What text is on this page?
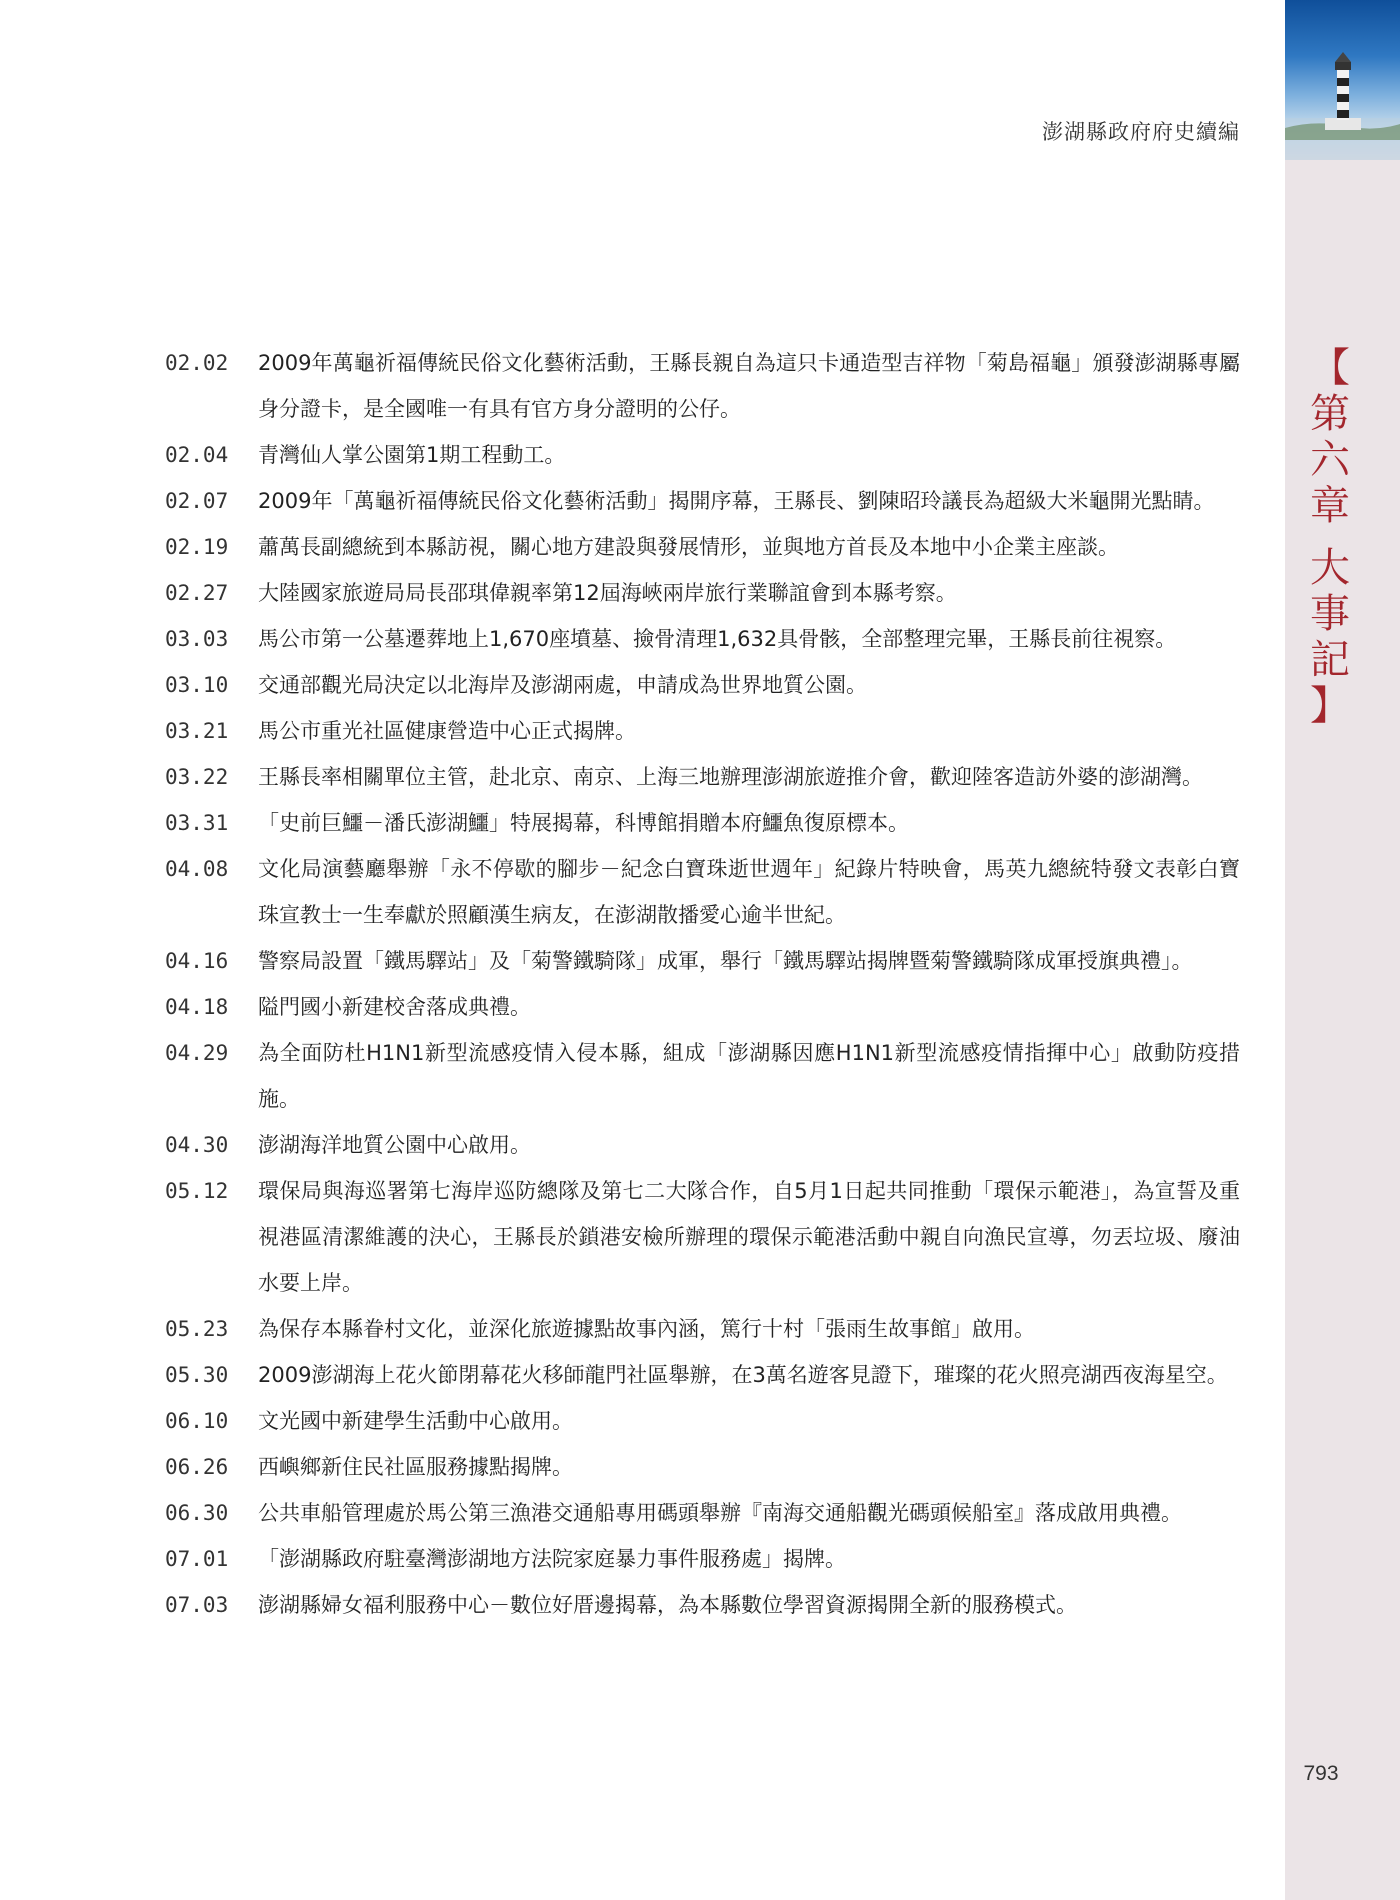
【
第
六
章
大
事
記
】
澎湖縣政府府史續編
02.02	2009年萬龜祈福傳統民俗文化藝術活動，王縣長親自為這只卡通造型吉祥物「菊島福龜」頒發澎湖縣專屬身分證卡，是全國唯一有具有官方身分證明的公仔。
02.04	青灣仙人掌公園第1期工程動工。
02.07	2009年「萬龜祈福傳統民俗文化藝術活動」揭開序幕，王縣長、劉陳昭玲議長為超級大米龜開光點睛。
02.19	蕭萬長副總統到本縣訪視，關心地方建設與發展情形，並與地方首長及本地中小企業主座談。
02.27	大陸國家旅遊局局長邵琪偉親率第12屆海峽兩岸旅行業聯誼會到本縣考察。
03.03	馬公市第一公墓遷葬地上1,670座墳墓、撿骨清理1,632具骨骸，全部整理完畢，王縣長前往視察。
03.10	交通部觀光局決定以北海岸及澎湖兩處，申請成為世界地質公園。
03.21	馬公市重光社區健康營造中心正式揭牌。
03.22	王縣長率相關單位主管，赴北京、南京、上海三地辦理澎湖旅遊推介會，歡迎陸客造訪外婆的澎湖灣。
03.31	「史前巨鱷－潘氏澎湖鱷」特展揭幕，科博館捐贈本府鱷魚復原標本。
04.08	文化局演藝廳舉辦「永不停歇的腳步－紀念白寶珠逝世週年」紀錄片特映會，馬英九總統特發文表彰白寶珠宣教士一生奉獻於照顧漢生病友，在澎湖散播愛心逾半世紀。
04.16	警察局設置「鐵馬驛站」及「菊警鐵騎隊」成軍，舉行「鐵馬驛站揭牌暨菊警鐵騎隊成軍授旗典禮」。
04.18	隘門國小新建校舍落成典禮。
04.29	為全面防杜H1N1新型流感疫情入侵本縣，組成「澎湖縣因應H1N1新型流感疫情指揮中心」啟動防疫措施。
04.30	澎湖海洋地質公園中心啟用。
05.12	環保局與海巡署第七海岸巡防總隊及第七二大隊合作，自5月1日起共同推動「環保示範港」，為宣誓及重視港區清潔維護的決心，王縣長於鎖港安檢所辦理的環保示範港活動中親自向漁民宣導，勿丟垃圾、廢油水要上岸。
05.23	為保存本縣眷村文化，並深化旅遊據點故事內涵，篤行十村「張雨生故事館」啟用。
05.30	2009澎湖海上花火節閉幕花火移師龍門社區舉辦，在3萬名遊客見證下，璀璨的花火照亮湖西夜海星空。
06.10	文光國中新建學生活動中心啟用。
06.26	西嶼鄉新住民社區服務據點揭牌。
06.30	公共車船管理處於馬公第三漁港交通船專用碼頭舉辦『南海交通船觀光碼頭候船室』落成啟用典禮。
07.01	「澎湖縣政府駐臺灣澎湖地方法院家庭暴力事件服務處」揭牌。
07.03	澎湖縣婦女福利服務中心－數位好厝邊揭幕，為本縣數位學習資源揭開全新的服務模式。
793
